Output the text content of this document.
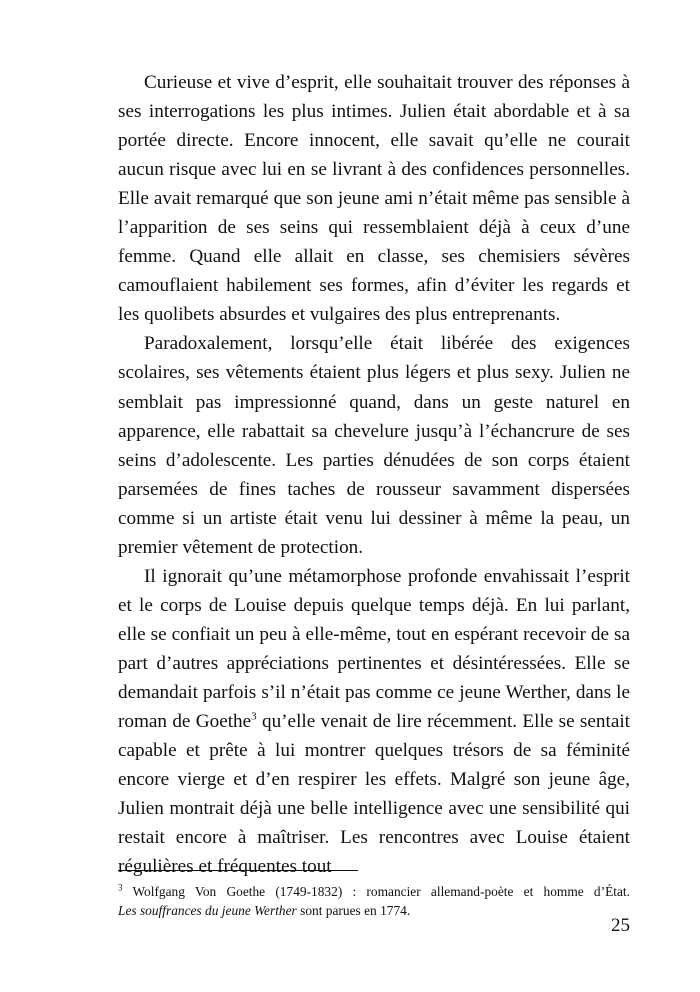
Curieuse et vive d’esprit, elle souhaitait trouver des réponses à ses interrogations les plus intimes. Julien était abordable et à sa portée directe. Encore innocent, elle savait qu’elle ne courait aucun risque avec lui en se livrant à des confidences personnelles. Elle avait remarqué que son jeune ami n’était même pas sensible à l’apparition de ses seins qui ressemblaient déjà à ceux d’une femme. Quand elle allait en classe, ses chemisiers sévères camouflaient habilement ses formes, afin d’éviter les regards et les quolibets absurdes et vulgaires des plus entreprenants.

Paradoxalement, lorsqu’elle était libérée des exigences scolaires, ses vêtements étaient plus légers et plus sexy. Julien ne semblait pas impressionné quand, dans un geste naturel en apparence, elle rabattait sa chevelure jusqu’à l’échancrure de ses seins d’adolescente. Les parties dénudées de son corps étaient parsemées de fines taches de rousseur savamment dispersées comme si un artiste était venu lui dessiner à même la peau, un premier vêtement de protection.

Il ignorait qu’une métamorphose profonde envahissait l’esprit et le corps de Louise depuis quelque temps déjà. En lui parlant, elle se confiait un peu à elle-même, tout en espérant recevoir de sa part d’autres appréciations pertinentes et désintéressées. Elle se demandait parfois s’il n’était pas comme ce jeune Werther, dans le roman de Goethe$^3$ qu’elle venait de lire récemment. Elle se sentait capable et prête à lui montrer quelques trésors de sa féminité encore vierge et d’en respirer les effets. Malgré son jeune âge, Julien montrait déjà une belle intelligence avec une sensibilité qui restait encore à maîtriser. Les rencontres avec Louise étaient régulières et fréquentes tout

$^3$ Wolfgang Von Goethe (1749-1832) : romancier allemand-poète et homme d’État.
Les souffrances du jeune Werther sont parues en 1774.
25
